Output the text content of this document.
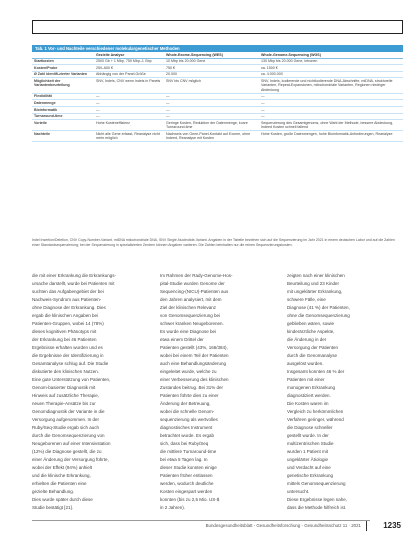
Tab. 1 Vor- und Nachteile verschiedener molekulargenetischer Methoden
	Gezielte Analyse	Whole-Exome-Sequencing (WES)	Whole-Genome-Sequencing (WGS)
Startkosten	2500 Gb + 1 Mbp, 750 Mbp–1 Gbp	10 Mbp bis 20.000 Gene	130 Mbp bis 20.000 Gene, intronen
Kosten/Probe	250–600 €	750 €	ca. 1500 €
Ø Zahl identifi-zierter Varianten	Abhängig von der Panel-Größe	20.000	ca. 4.000.000
Möglichkeit der Variantenbeurteilung	SNV, Indels, CNV wenn Indels in Panels	SNV bis CNV möglich	SNV, Indels, kodierende und nichtkodierende DNA-Abschnitte, mtDNA, strukturelle Varianten, Repeat-Expansionen, mitochondriale Varianten, Regionen niedriger Abdeckung
Flexibilität	—	—	—
Datenmenge	—	—	—
Bioinformatik	—	—	—
Turnaround-time	—	—	—
Vorteile	Hohe Kosteneffizienz	Geringe Kosten, Reduktion der Datenmenge, kurze Turnaround-time	Sequenzierung des Gesamtgenoms, ohne Wahl der Methode, bessere Abdeckung, Indeed Kosten schnell fallend
Nachteile	Nicht alle Gene erfasst, Reanalyse nicht mehr möglich	Nachweis von Gene-Panel-Kontakt auf Exome, ohne Indeed, Reanalyse mit Kosten	Hohe Kosten, große Datenmengen, hohe Bioinformatik-Anforderungen, Reanalyse
Indel Insertion/Deletion, CNV Copy-Number-Variant, mtDNA mitochondriale DNA, SNV Single-Nucleotide-Variant. Angaben in der Tabelle beziehen sich auf die Sequenzierung im Jahr 2021 in einem deutschen Labor und auf die Zahlen einer Standardsequenzierung; bei der Sequenzierung in spezialisierten Zentren können Angaben variieren. Die Zahlen beinhalten nur die reinen Sequenzierungskosten.
die mit einer Erkrankung die Erkrankungs-
ursache darstellt, wurde bei Patienten mit
suchten das Aufgabengebiet der bei
Nachweis-Syndrom aus Patienten-
ohne Diagnose der Erkrankung. Dies
ergab die klinischen Angaben bei
Patienten-Gruppen, wobei 14 (78%)
dieses kognitiven Phänotyps mit
der Erkrankung bei 46 Patienten
Ergebnisse erhalten wurden und es
die Ergebnisse der Identifizierung in
Gesamtanalyse schlug auf. Die Studie
diskutierte den klinischen Nutzen.
Eine gute Unterstützung von Patienten,
Genom-basierter Diagnostik mit
Hinweis auf zusätzliche Therapie,
neuen Therapie-Ansätze bis zur
Genomdiagnostik der Variante in die
Versorgung aufgenommen. In der
Ruby/Seq-Studie ergab sich auch
durch die Genomsequenzierung von
Neugeborenen auf einer Intensivstation
(12%) die Diagnose gestellt, die zu
einer Änderung der Versorgung führte,
wobei der Effekt (94%) anhielt
und die klinische Erkrankung,
erhielten die Patienten eine
gezielte Behandlung.
Dies wurde später durch diese
Studie bestätigt [21].
Im Rahmen der Rady-Genome-Hos-
pital-Studie wurden Genome der
Sequencing-(NICU)-Patienten aus
den Jahren analysiert, mit dem
Ziel der klinischen Relevanz
von Genomsequenzierung bei
schwer kranken Neugeborenen.
Es wurde eine Diagnose bei
etwa einem Drittel der
Patienten gestellt (43%, 166/384),
wobei bei einem Teil der Patienten
auch eine Behandlungsänderung
eingeleitet wurde, welche zu
einer Verbesserung des klinischen
Zustandes beitrug. Bei 31% der
Patienten führte dies zu einer
Änderung der Betreuung,
wobei die schnelle Genom-
sequenzierung als wertvolles
diagnostisches Instrument
betrachtet wurde. Es ergab
sich, dass bei Ruby/Seq
die mittlere Turnaround-time
bei etwa 5 Tagen lag. In
dieser Studie konnten einige
Patienten früher entlassen
werden, wodurch deutliche
Kosten eingespart werden
konnten (bis zu 2,5 Mio. US-$
in 2 Jahren).
zeigten nach einer klinischen
Beurteilung und 23 Kinder
mit ungeklärter Erkrankung,
schwere Fälle, eine
Diagnose (41 %) der Patienten,
ohne die Genomsequenzierung
geblieben wären, sowie
kinderärztliche Aspekte,
die Änderung in der
Versorgung der Patienten
durch die Genomanalyse
ausgelöst wurden.
Insgesamt konnten 46 % der
Patienten mit einer
monogenen Erkrankung
diagnostiziert werden.
Die Kosten waren im
Vergleich zu herkömmlichen
Verfahren geringer, während
die Diagnose schneller
gestellt wurde. In der
multizentrischen Studie
wurden 1 Patient mit
ungeklärter Ätiologie
und Verdacht auf eine
genetische Erkrankung
mittels Genomsequenzierung
untersucht.
Diese Ergebnisse legen nahe,
dass die Methode hilfreich ist.
Bundesgesundheitsblatt - Gesundheitsforschung - Gesundheitsschutz 11 · 2021	1235
